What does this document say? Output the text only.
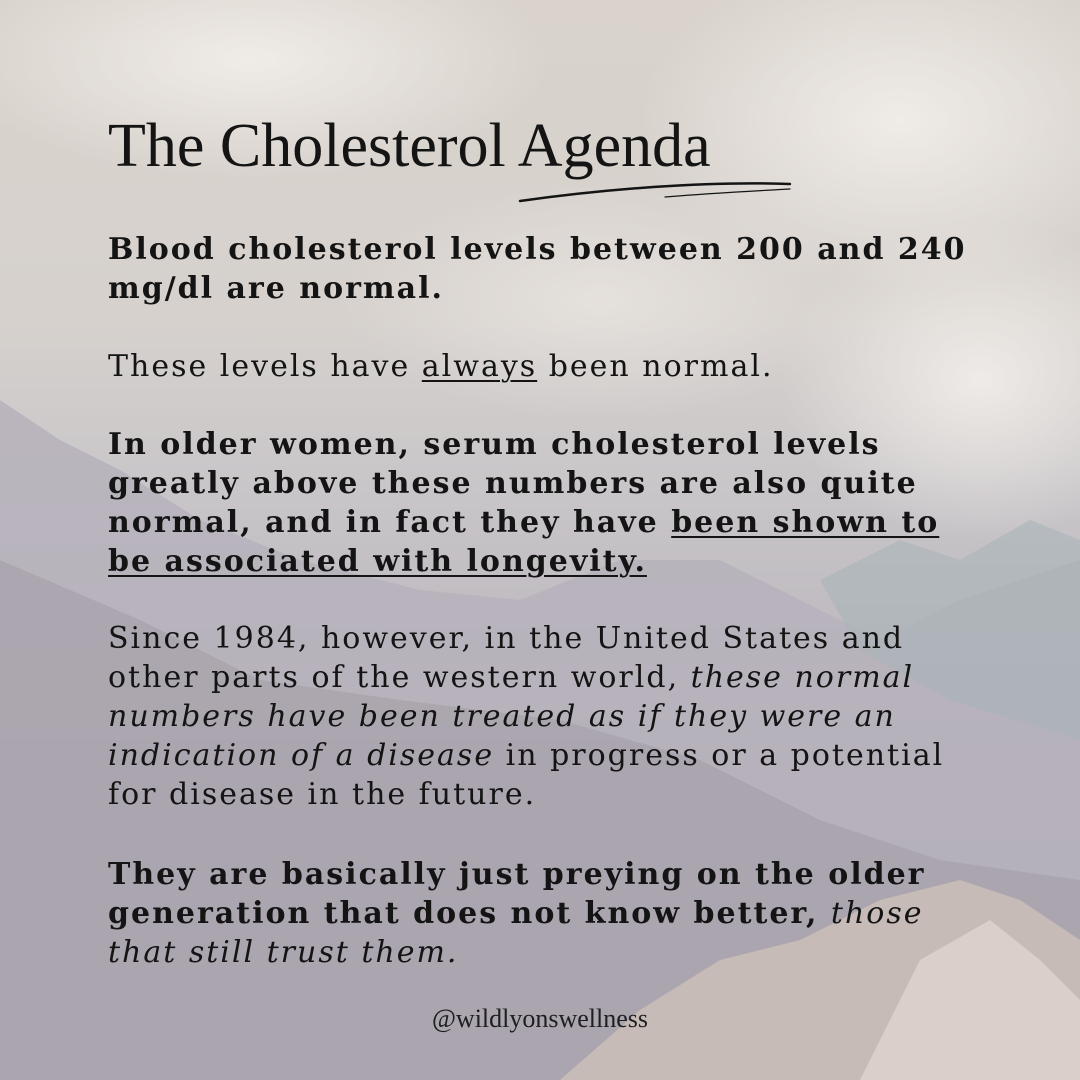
The Cholesterol Agenda

Blood cholesterol levels between 200 and 240 mg/dl are normal.

These levels have always been normal.

In older women, serum cholesterol levels greatly above these numbers are also quite normal, and in fact they have been shown to be associated with longevity.

Since 1984, however, in the United States and other parts of the western world, these normal numbers have been treated as if they were an indication of a disease in progress or a potential for disease in the future.

They are basically just preying on the older generation that does not know better, those that still trust them.

@wildlyonswellness
